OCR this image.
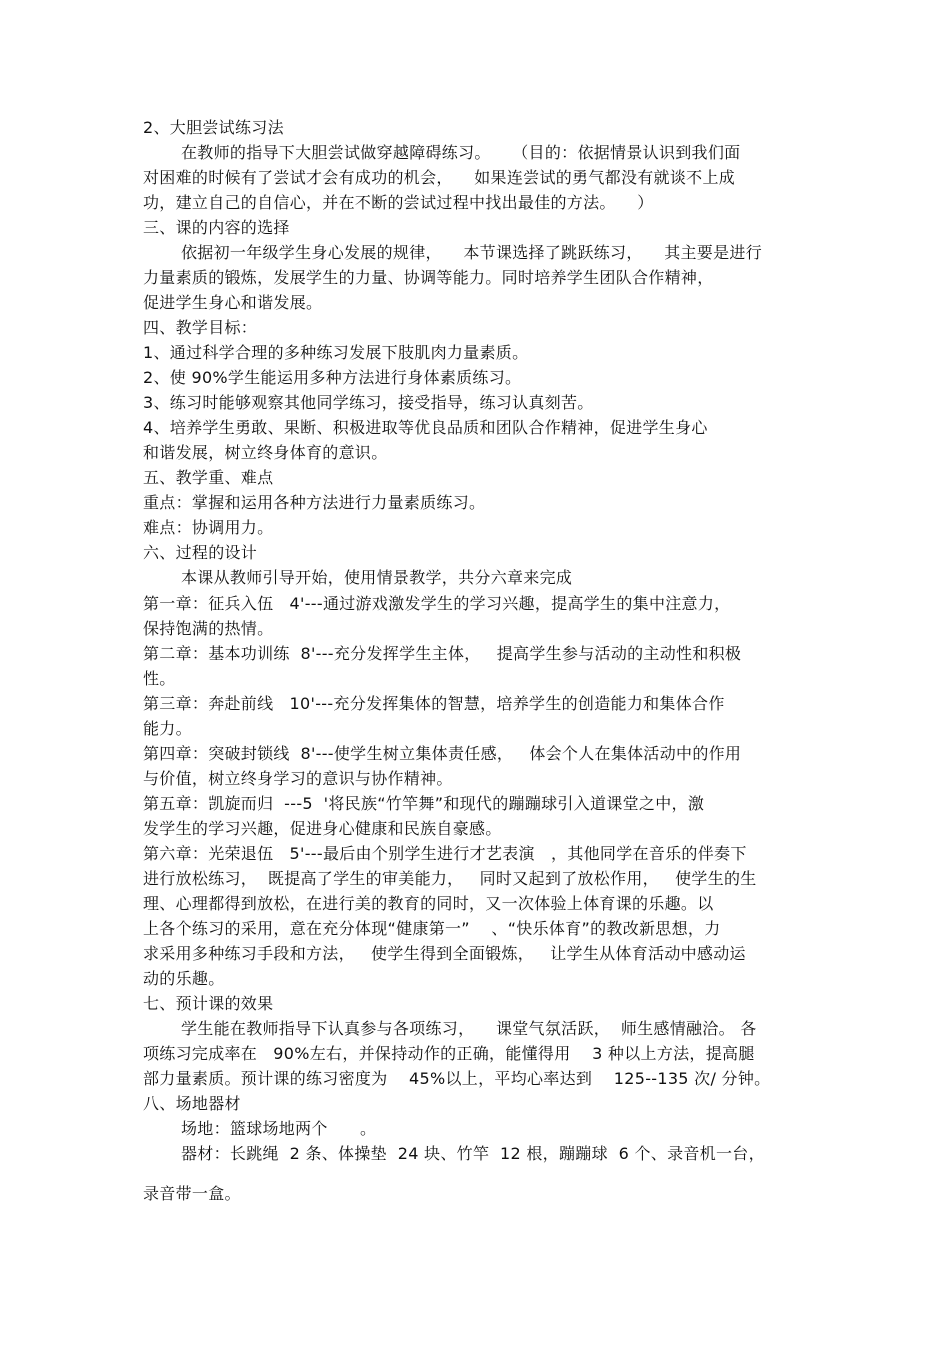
2、大胆尝试练习法
在教师的指导下大胆尝试做穿越障碍练习。    （目的：依据情景认识到我们面
对困难的时候有了尝试才会有成功的机会，    如果连尝试的勇气都没有就谈不上成
功，建立自己的自信心，并在不断的尝试过程中找出最佳的方法。    ）
三、课的内容的选择
依据初一年级学生身心发展的规律，    本节课选择了跳跃练习，    其主要是进行
力量素质的锻炼，发展学生的力量、协调等能力。同时培养学生团队合作精神，
促进学生身心和谐发展。
四、教学目标：
1、通过科学合理的多种练习发展下肢肌肉力量素质。
2、使 90%学生能运用多种方法进行身体素质练习。
3、练习时能够观察其他同学练习，接受指导，练习认真刻苦。
4、培养学生勇敢、果断、积极进取等优良品质和团队合作精神，促进学生身心
和谐发展，树立终身体育的意识。
五、教学重、难点
重点：掌握和运用各种方法进行力量素质练习。
难点：协调用力。
六、过程的设计
本课从教师引导开始，使用情景教学，共分六章来完成
第一章：征兵入伍   4'---通过游戏激发学生的学习兴趣，提高学生的集中注意力，
保持饱满的热情。
第二章：基本功训练  8'---充分发挥学生主体，   提高学生参与活动的主动性和积极
性。
第三章：奔赴前线   10'---充分发挥集体的智慧，培养学生的创造能力和集体合作
能力。
第四章：突破封锁线  8'---使学生树立集体责任感，   体会个人在集体活动中的作用
与价值，树立终身学习的意识与协作精神。
第五章：凯旋而归  ---5  '将民族“竹竿舞”和现代的蹦蹦球引入道课堂之中，激
发学生的学习兴趣，促进身心健康和民族自豪感。
第六章：光荣退伍   5'---最后由个别学生进行才艺表演   ，其他同学在音乐的伴奏下
进行放松练习，  既提高了学生的审美能力，   同时又起到了放松作用，   使学生的生
理、心理都得到放松，在进行美的教育的同时，又一次体验上体育课的乐趣。以
上各个练习的采用，意在充分体现“健康第一”    、“快乐体育”的教改新思想，力
求采用多种练习手段和方法，   使学生得到全面锻炼，   让学生从体育活动中感动运
动的乐趣。
七、预计课的效果
学生能在教师指导下认真参与各项练习，    课堂气氛活跃，  师生感情融洽。 各
项练习完成率在   90%左右，并保持动作的正确，能懂得用    3 种以上方法，提高腿
部力量素质。预计课的练习密度为    45%以上，平均心率达到    125--135 次/ 分钟。
八、场地器材
场地：篮球场地两个      。
器材：长跳绳  2 条、体操垫  24 块、竹竿  12 根，蹦蹦球  6 个、录音机一台，
录音带一盒。
